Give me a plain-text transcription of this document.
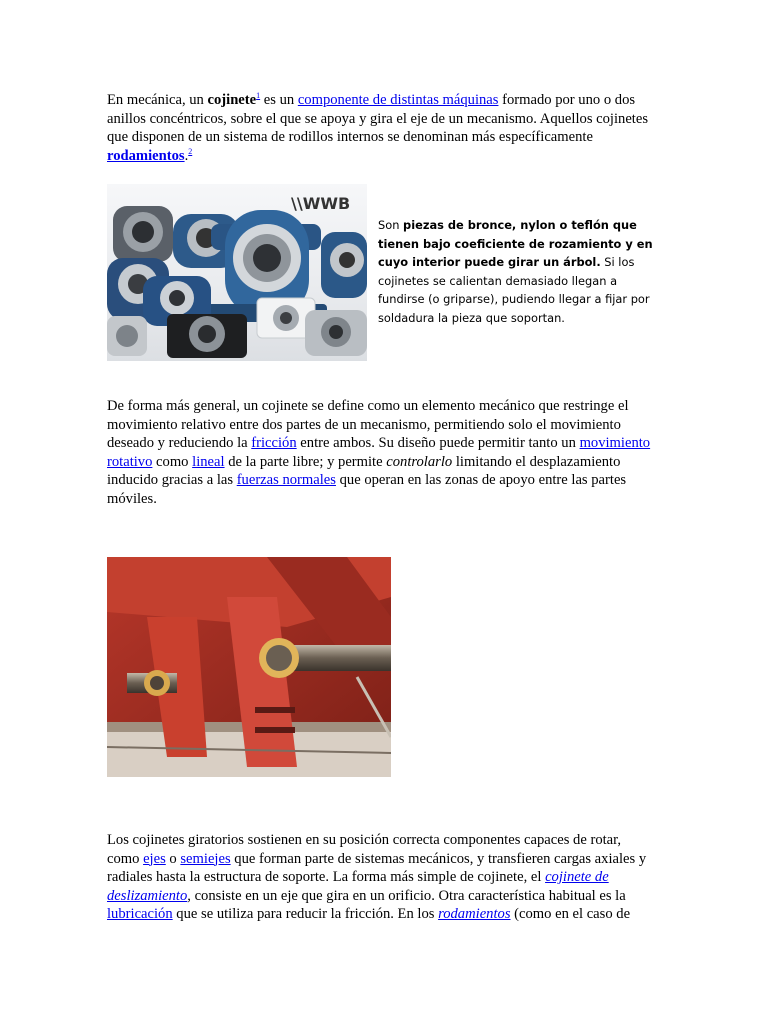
En mecánica, un cojinete$^1$ es un componente de distintas máquinas formado por uno o dos anillos concéntricos, sobre el que se apoya y gira el eje de un mecanismo. Aquellos cojinetes que disponen de un sistema de rodillos internos se denominan más específicamente rodamientos.$^2$

\\WWB
Son piezas de bronce, nylon o teflón que tienen bajo coeficiente de rozamiento y en cuyo interior puede girar un árbol. Si los cojinetes se calientan demasiado llegan a fundirse (o griparse), pudiendo llegar a fijar por soldadura la pieza que soportan.

De forma más general, un cojinete se define como un elemento mecánico que restringe el movimiento relativo entre dos partes de un mecanismo, permitiendo solo el movimiento deseado y reduciendo la fricción entre ambos. Su diseño puede permitir tanto un movimiento rotativo como lineal de la parte libre; y permite controlarlo limitando el desplazamiento inducido gracias a las fuerzas normales que operan en las zonas de apoyo entre las partes móviles.

Los cojinetes giratorios sostienen en su posición correcta componentes capaces de rotar, como ejes o semiejes que forman parte de sistemas mecánicos, y transfieren cargas axiales y radiales hasta la estructura de soporte. La forma más simple de cojinete, el cojinete de deslizamiento, consiste en un eje que gira en un orificio. Otra característica habitual es la lubricación que se utiliza para reducir la fricción. En los rodamientos (como en el caso de
